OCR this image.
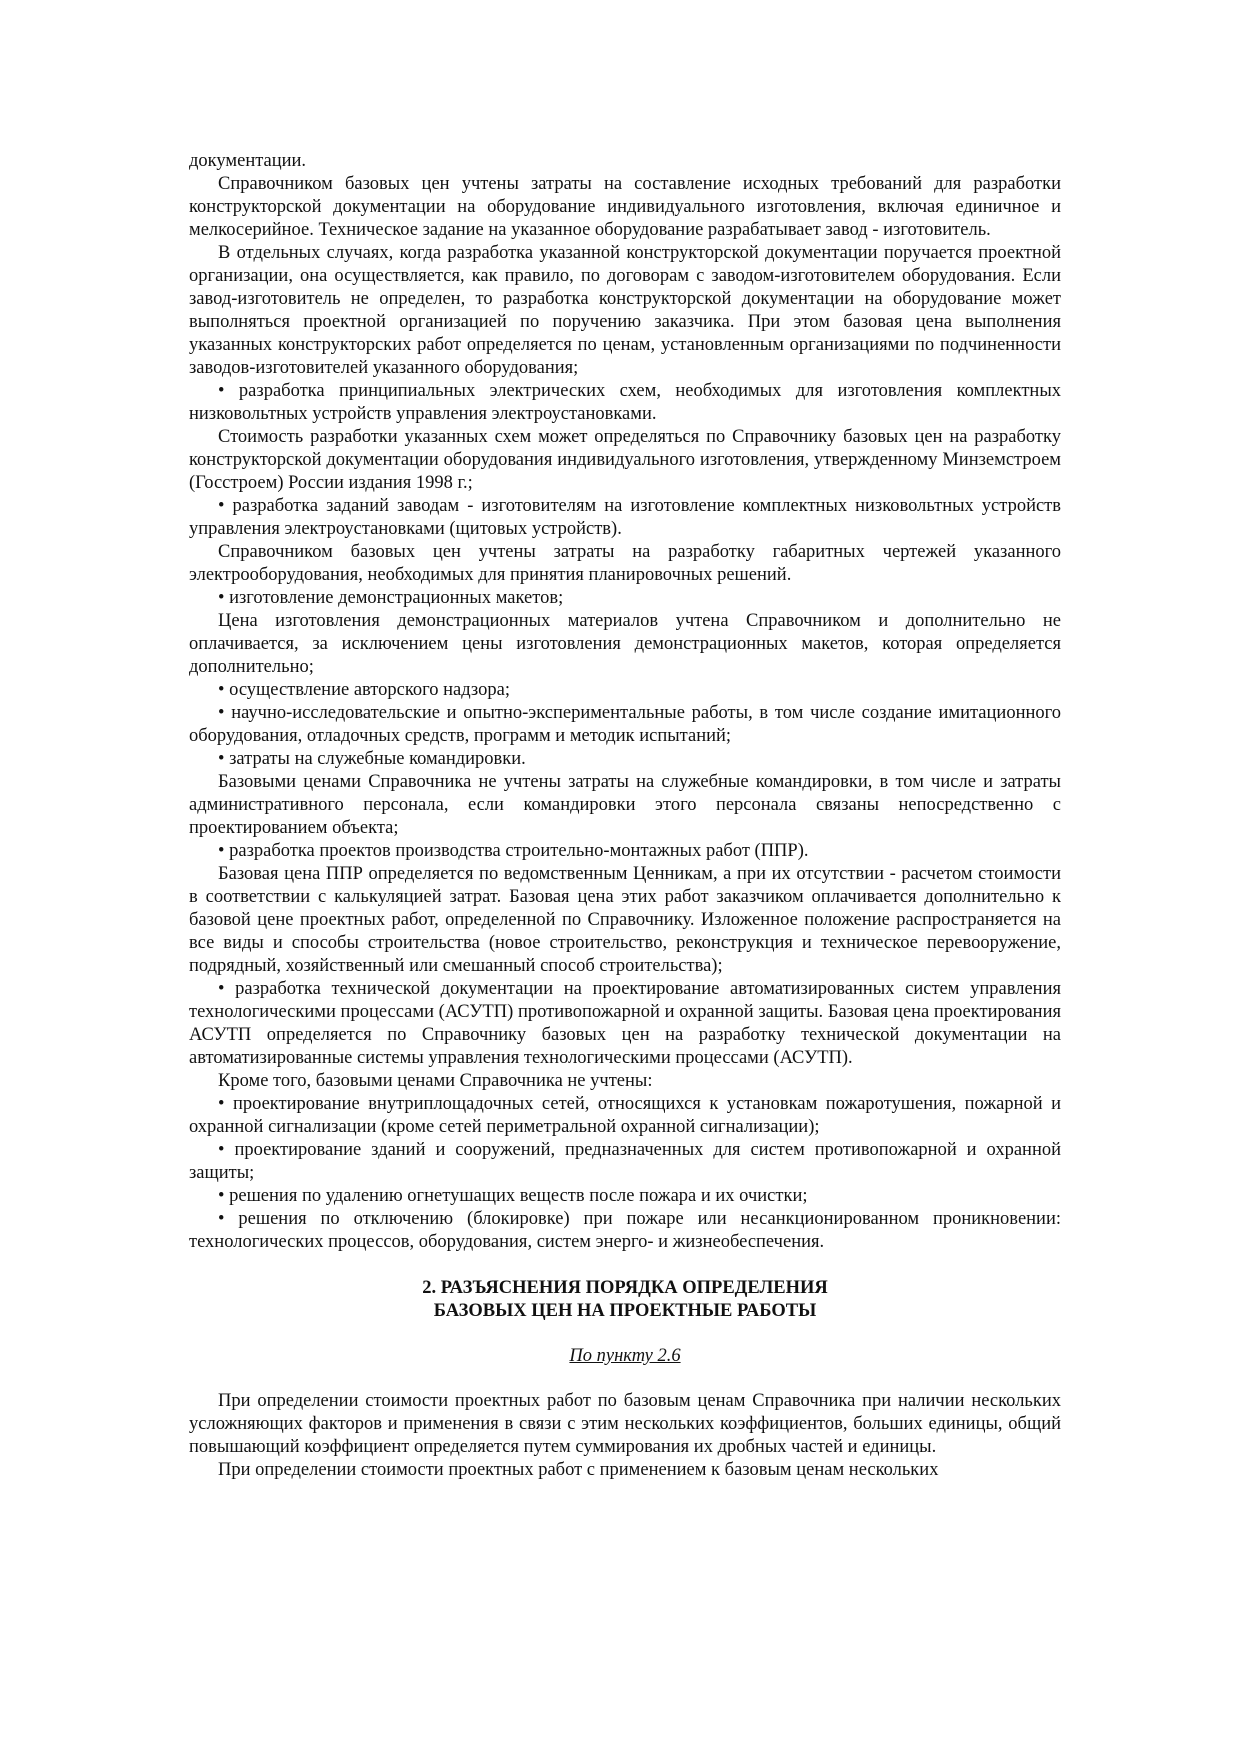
документации.

Справочником базовых цен учтены затраты на составление исходных требований для разработки конструкторской документации на оборудование индивидуального изготовления, включая единичное и мелкосерийное. Техническое задание на указанное оборудование разрабатывает завод - изготовитель.

В отдельных случаях, когда разработка указанной конструкторской документации поручается проектной организации, она осуществляется, как правило, по договорам с заводом-изготовителем оборудования. Если завод-изготовитель не определен, то разработка конструкторской документации на оборудование может выполняться проектной организацией по поручению заказчика. При этом базовая цена выполнения указанных конструкторских работ определяется по ценам, установленным организациями по подчиненности заводов-изготовителей указанного оборудования;

• разработка принципиальных электрических схем, необходимых для изготовления комплектных низковольтных устройств управления электроустановками.

Стоимость разработки указанных схем может определяться по Справочнику базовых цен на разработку конструкторской документации оборудования индивидуального изготовления, утвержденному Минземстроем (Госстроем) России издания 1998 г.;

• разработка заданий заводам - изготовителям на изготовление комплектных низковольтных устройств управления электроустановками (щитовых устройств).

Справочником базовых цен учтены затраты на разработку габаритных чертежей указанного электрооборудования, необходимых для принятия планировочных решений.

• изготовление демонстрационных макетов;

Цена изготовления демонстрационных материалов учтена Справочником и дополнительно не оплачивается, за исключением цены изготовления демонстрационных макетов, которая определяется дополнительно;

• осуществление авторского надзора;

• научно-исследовательские и опытно-экспериментальные работы, в том числе создание имитационного оборудования, отладочных средств, программ и методик испытаний;

• затраты на служебные командировки.

Базовыми ценами Справочника не учтены затраты на служебные командировки, в том числе и затраты административного персонала, если командировки этого персонала связаны непосредственно с проектированием объекта;

• разработка проектов производства строительно-монтажных работ (ППР).

Базовая цена ППР определяется по ведомственным Ценникам, а при их отсутствии - расчетом стоимости в соответствии с калькуляцией затрат. Базовая цена этих работ заказчиком оплачивается дополнительно к базовой цене проектных работ, определенной по Справочнику. Изложенное положение распространяется на все виды и способы строительства (новое строительство, реконструкция и техническое перевооружение, подрядный, хозяйственный или смешанный способ строительства);

• разработка технической документации на проектирование автоматизированных систем управления технологическими процессами (АСУТП) противопожарной и охранной защиты. Базовая цена проектирования АСУТП определяется по Справочнику базовых цен на разработку технической документации на автоматизированные системы управления технологическими процессами (АСУТП).

Кроме того, базовыми ценами Справочника не учтены:

• проектирование внутриплощадочных сетей, относящихся к установкам пожаротушения, пожарной и охранной сигнализации (кроме сетей периметральной охранной сигнализации);

• проектирование зданий и сооружений, предназначенных для систем противопожарной и охранной защиты;

• решения по удалению огнетушащих веществ после пожара и их очистки;

• решения по отключению (блокировке) при пожаре или несанкционированном проникновении: технологических процессов, оборудования, систем энерго- и жизнеобеспечения.

2. РАЗЪЯСНЕНИЯ ПОРЯДКА ОПРЕДЕЛЕНИЯ
БАЗОВЫХ ЦЕН НА ПРОЕКТНЫЕ РАБОТЫ
По пункту 2.6

При определении стоимости проектных работ по базовым ценам Справочника при наличии нескольких усложняющих факторов и применения в связи с этим нескольких коэффициентов, больших единицы, общий повышающий коэффициент определяется путем суммирования их дробных частей и единицы.

При определении стоимости проектных работ с применением к базовым ценам нескольких
